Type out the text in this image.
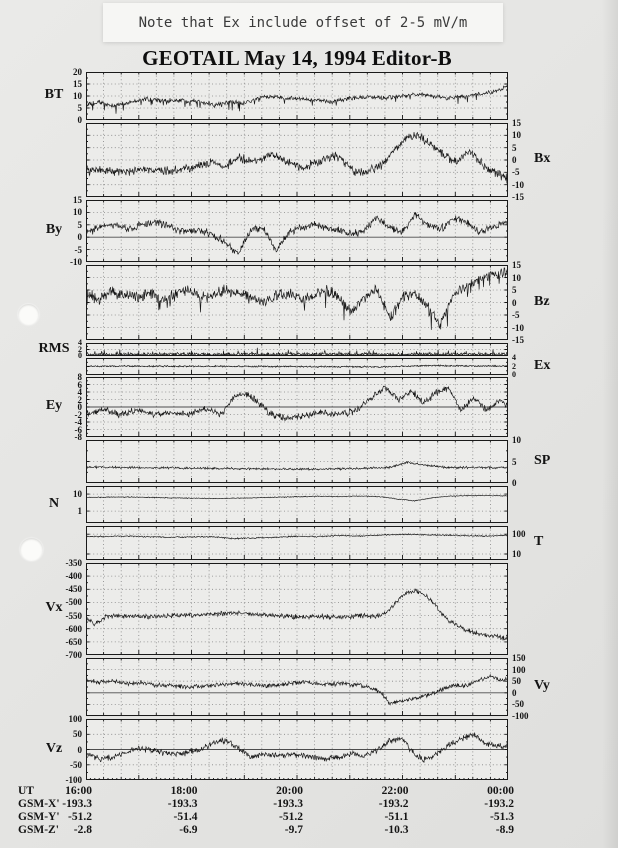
Note that Ex include offset of 2-5 mV/m
GEOTAIL May 14, 1994 Editor-B
20
15
10
5
0
BT
15
10
5
0
-5
-10
-15
Bx
15
10
5
0
-5
-10
By
15
10
5
0
-5
-10
-15
Bz
4
2
0
RMS
4
2
0
Ex
8
6
4
2
0
-2
-4
-6
-8
Ey
10
5
0
SP
10
1
N
100
10
T
-350
-400
-450
-500
-550
-600
-650
-700
Vx
150
100
50
0
-50
-100
Vy
100
50
0
-50
-100
Vz
UT	16:00	18:00	20:00	22:00	00:00
GSM-X' -193.3	-193.3	-193.3	-193.2	-193.2
GSM-Y' -51.2	-51.4	-51.2	-51.1	-51.3
GSM-Z'	-2.8	-6.9	-9.7	-10.3	-8.9
